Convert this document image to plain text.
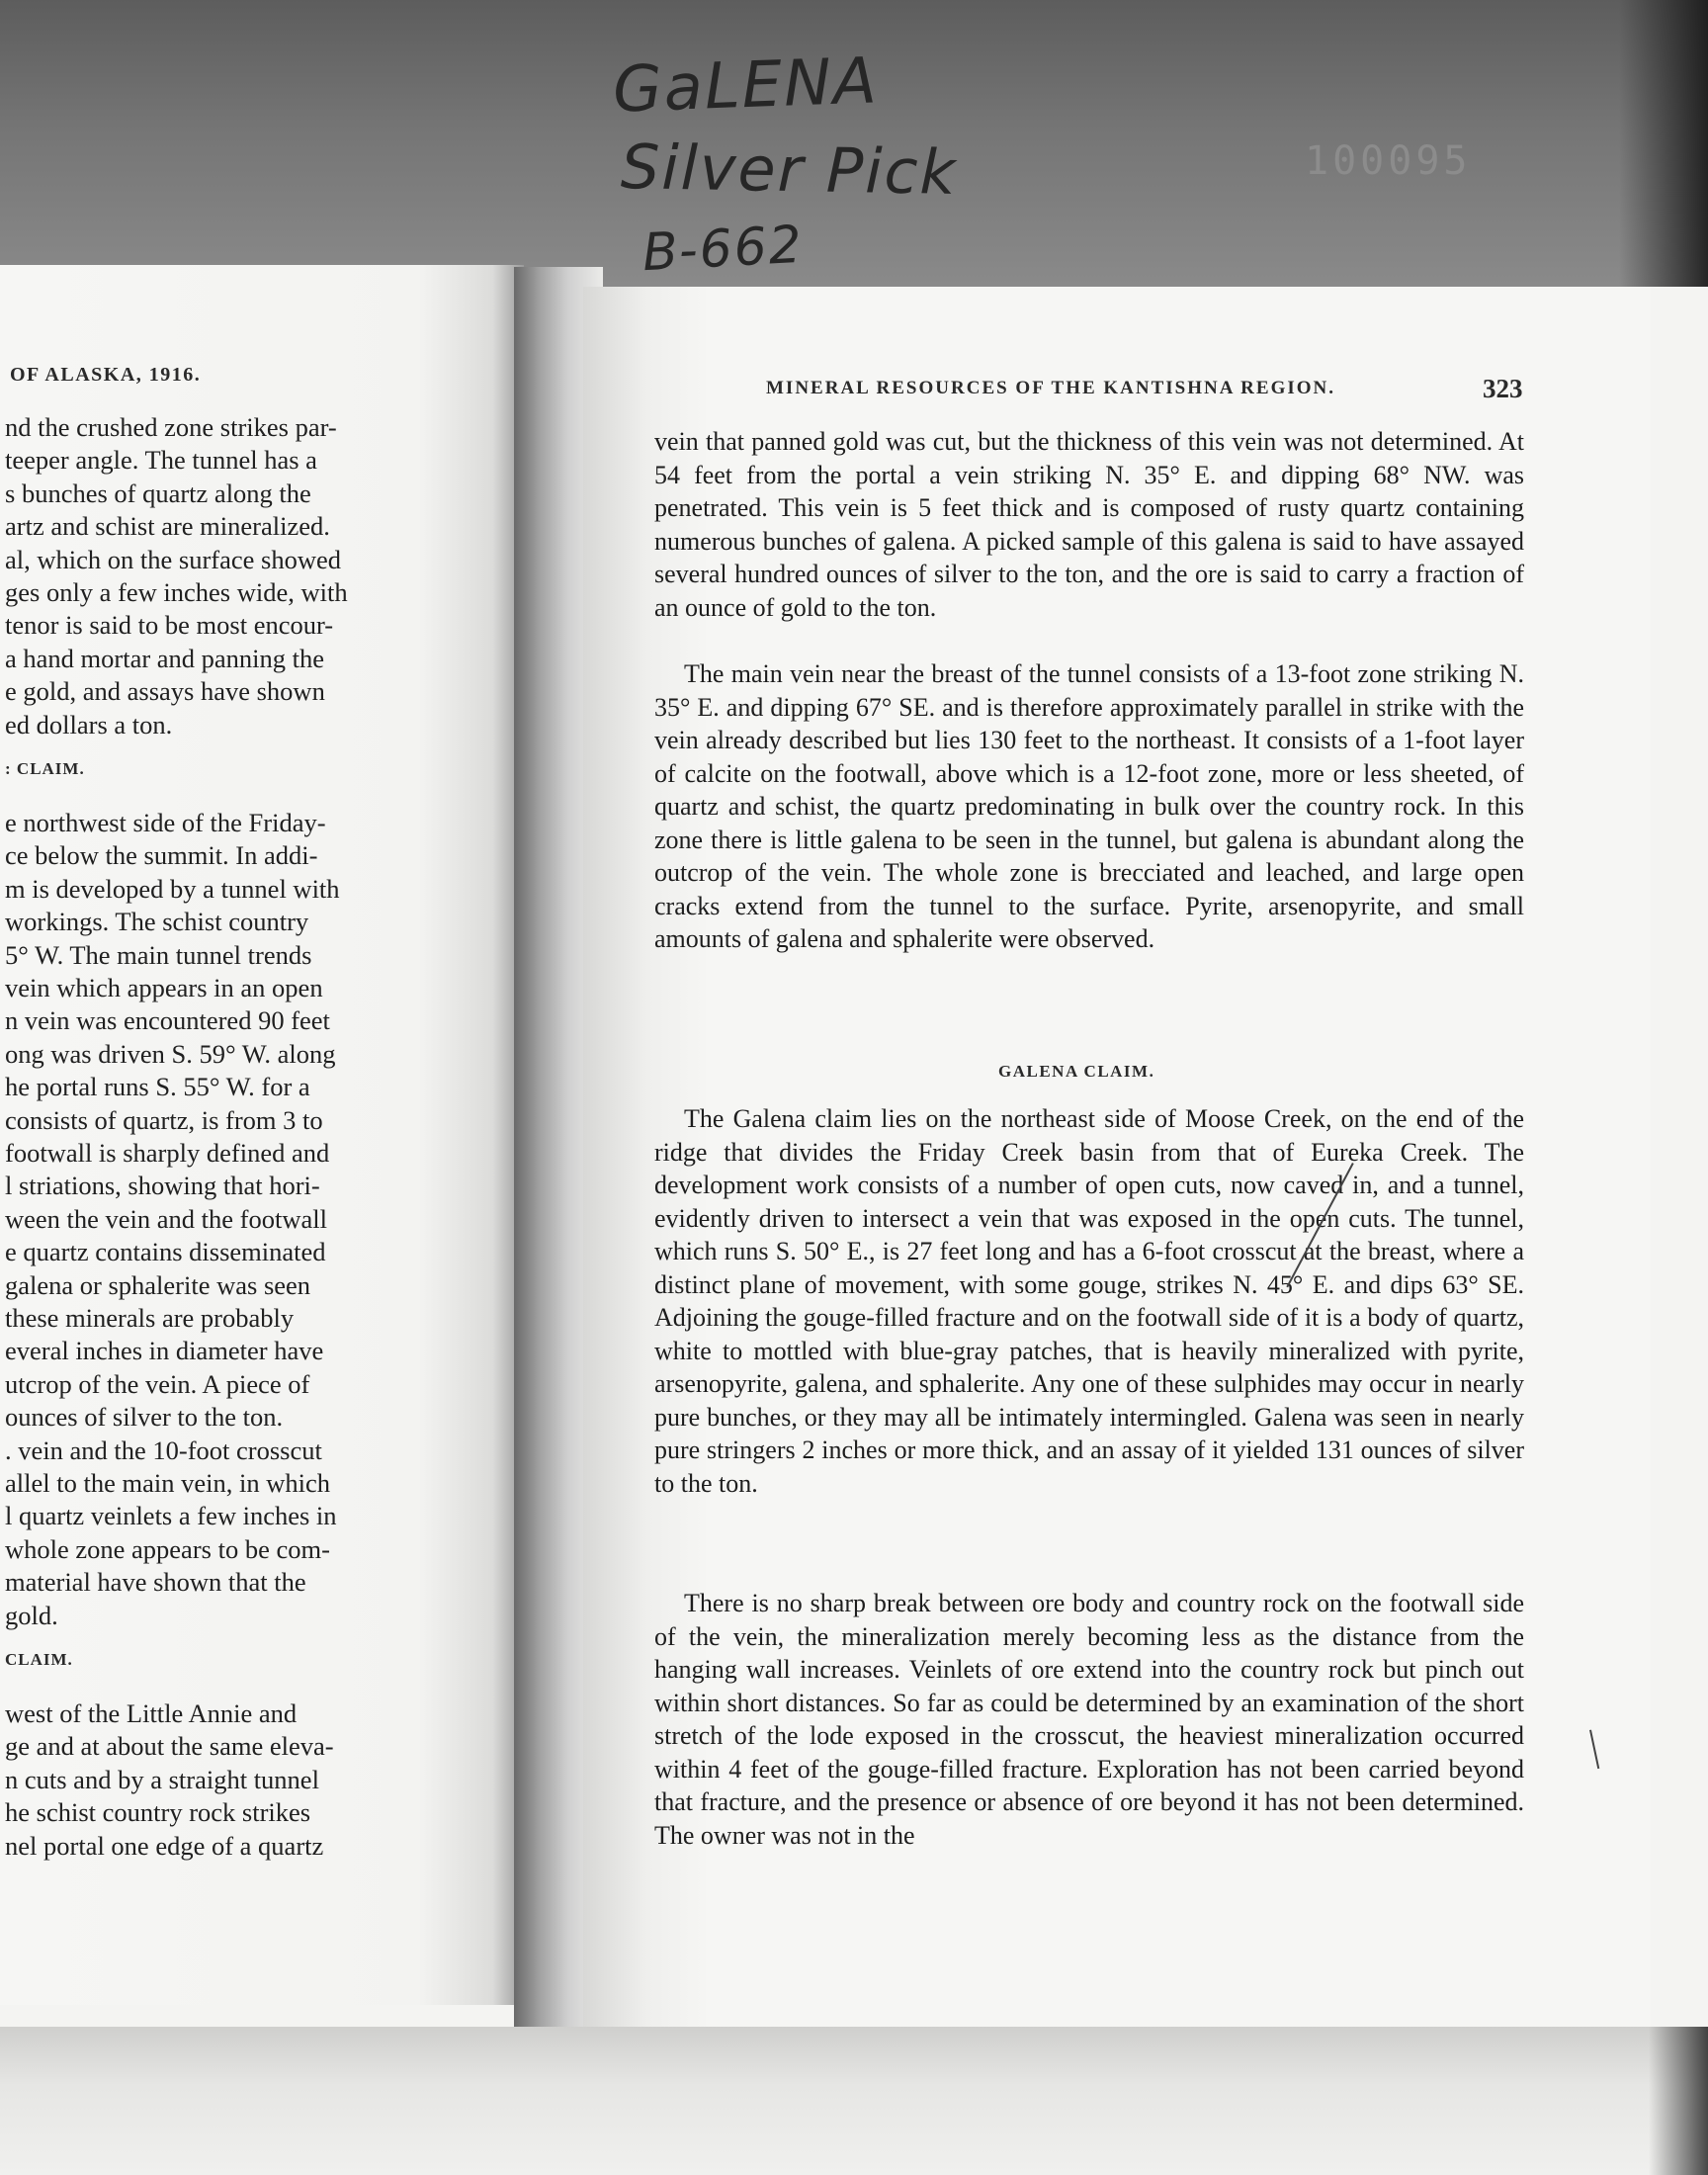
GaLENA
Silver Pick
B-662
100095
OF ALASKA, 1916.
nd the crushed zone strikes par-
teeper angle. The tunnel has a
s bunches of quartz along the
artz and schist are mineralized.
al, which on the surface showed
ges only a few inches wide, with
tenor is said to be most encour-
a hand mortar and panning the
e gold, and assays have shown
ed dollars a ton.
: CLAIM.
e northwest side of the Friday-
ce below the summit. In addi-
m is developed by a tunnel with
workings. The schist country
5° W. The main tunnel trends
vein which appears in an open
n vein was encountered 90 feet
ong was driven S. 59° W. along
he portal runs S. 55° W. for a
consists of quartz, is from 3 to
footwall is sharply defined and
l striations, showing that hori-
ween the vein and the footwall
e quartz contains disseminated
galena or sphalerite was seen
these minerals are probably
everal inches in diameter have
utcrop of the vein. A piece of
ounces of silver to the ton.
. vein and the 10-foot crosscut
allel to the main vein, in which
l quartz veinlets a few inches in
whole zone appears to be com-
material have shown that the
gold.
CLAIM.
west of the Little Annie and
ge and at about the same eleva-
n cuts and by a straight tunnel
he schist country rock strikes
nel portal one edge of a quartz
MINERAL RESOURCES OF THE KANTISHNA REGION.	323

vein that panned gold was cut, but the thickness of this vein was not determined. At 54 feet from the portal a vein striking N. 35° E. and dipping 68° NW. was penetrated. This vein is 5 feet thick and is composed of rusty quartz containing numerous bunches of galena. A picked sample of this galena is said to have assayed several hundred ounces of silver to the ton, and the ore is said to carry a fraction of an ounce of gold to the ton.

The main vein near the breast of the tunnel consists of a 13-foot zone striking N. 35° E. and dipping 67° SE. and is therefore approximately parallel in strike with the vein already described but lies 130 feet to the northeast. It consists of a 1-foot layer of calcite on the footwall, above which is a 12-foot zone, more or less sheeted, of quartz and schist, the quartz predominating in bulk over the country rock. In this zone there is little galena to be seen in the tunnel, but galena is abundant along the outcrop of the vein. The whole zone is brecciated and leached, and large open cracks extend from the tunnel to the surface. Pyrite, arsenopyrite, and small amounts of galena and sphalerite were observed.

GALENA CLAIM.

The Galena claim lies on the northeast side of Moose Creek, on the end of the ridge that divides the Friday Creek basin from that of Eureka Creek. The development work consists of a number of open cuts, now caved in, and a tunnel, evidently driven to intersect a vein that was exposed in the open cuts. The tunnel, which runs S. 50° E., is 27 feet long and has a 6-foot crosscut at the breast, where a distinct plane of movement, with some gouge, strikes N. 45° E. and dips 63° SE. Adjoining the gouge-filled fracture and on the footwall side of it is a body of quartz, white to mottled with blue-gray patches, that is heavily mineralized with pyrite, arsenopyrite, galena, and sphalerite. Any one of these sulphides may occur in nearly pure bunches, or they may all be intimately intermingled. Galena was seen in nearly pure stringers 2 inches or more thick, and an assay of it yielded 131 ounces of silver to the ton.

There is no sharp break between ore body and country rock on the footwall side of the vein, the mineralization merely becoming less as the distance from the hanging wall increases. Veinlets of ore extend into the country rock but pinch out within short distances. So far as could be determined by an examination of the short stretch of the lode exposed in the crosscut, the heaviest mineralization occurred within 4 feet of the gouge-filled fracture. Exploration has not been carried beyond that fracture, and the presence or absence of ore beyond it has not been determined. The owner was not in the
